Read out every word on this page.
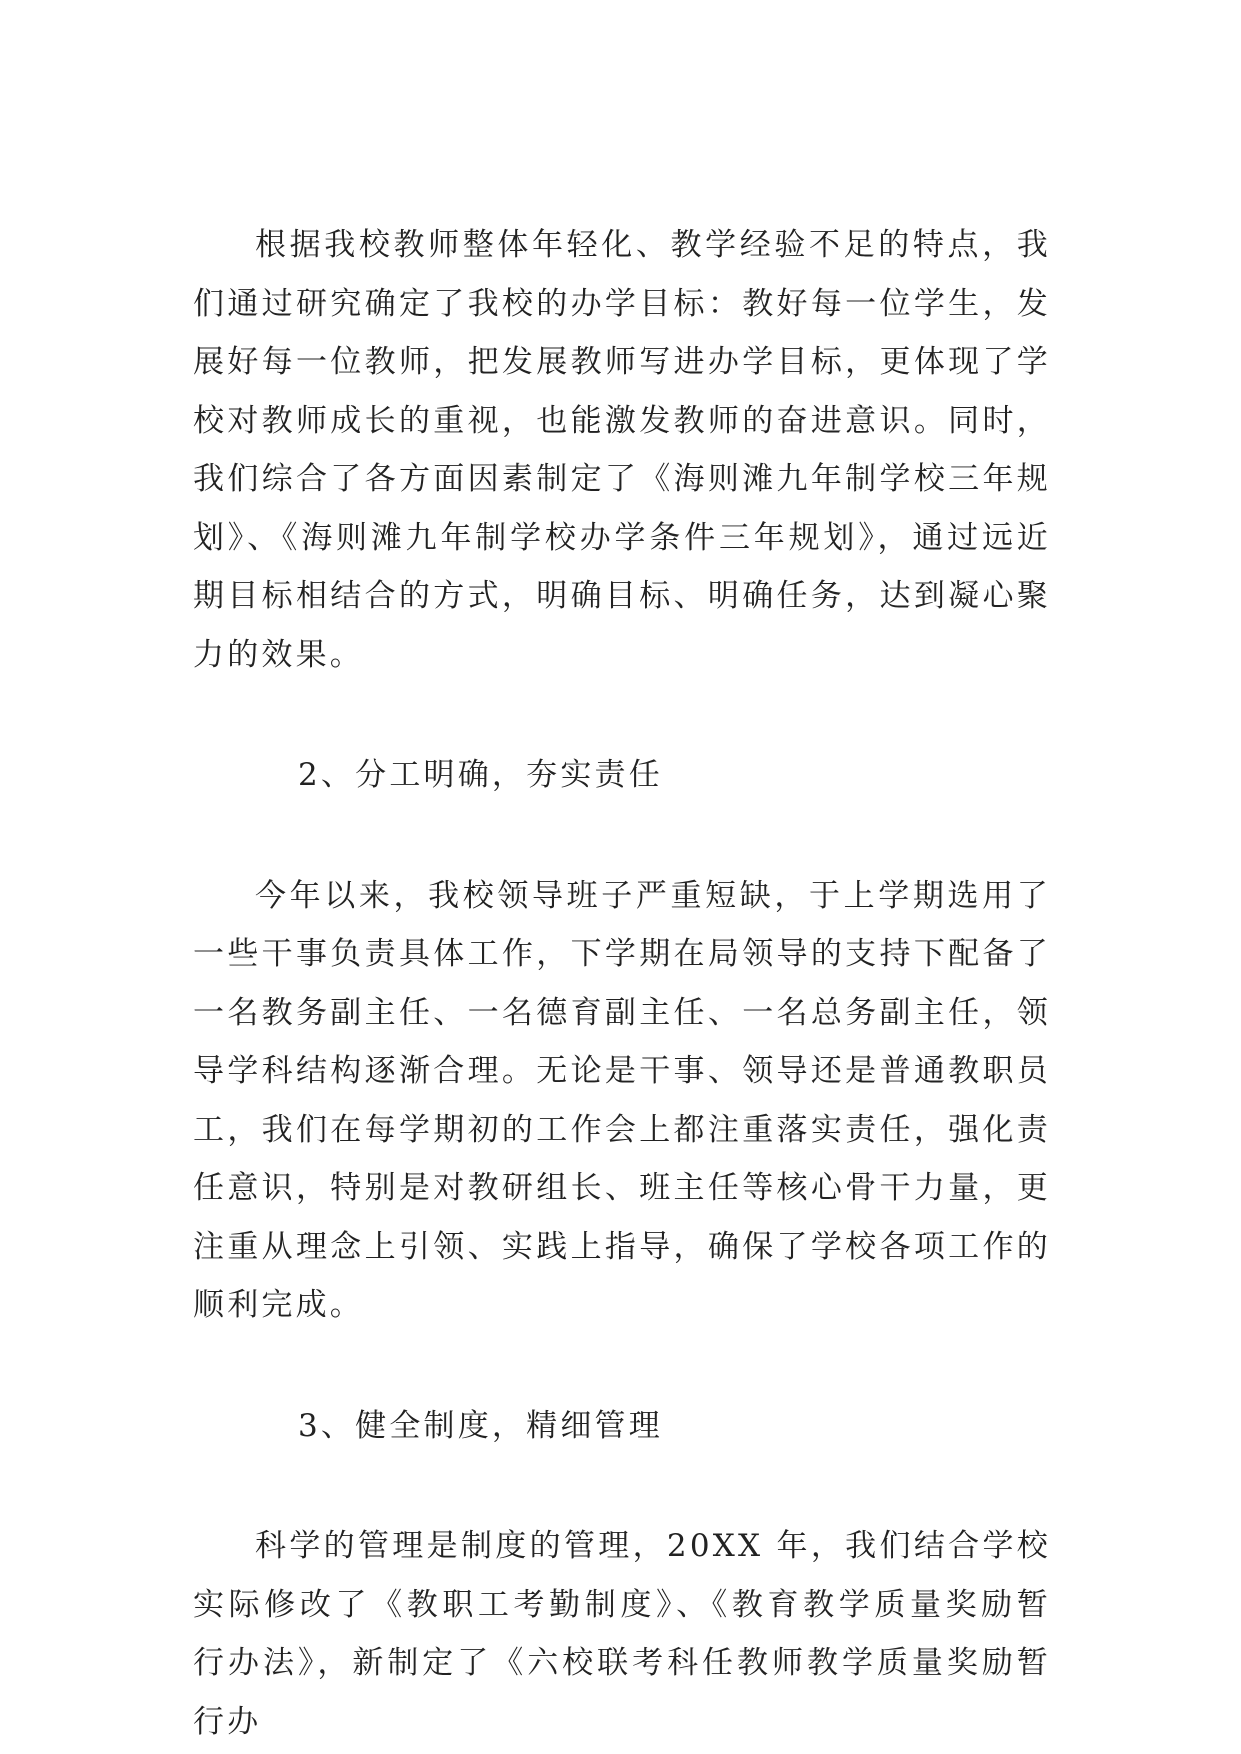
根据我校教师整体年轻化、教学经验不足的特点，我们通过研究确定了我校的办学目标：教好每一位学生，发展好每一位教师，把发展教师写进办学目标，更体现了学校对教师成长的重视，也能激发教师的奋进意识。同时，我们综合了各方面因素制定了《海则滩九年制学校三年规划》、《海则滩九年制学校办学条件三年规划》，通过远近期目标相结合的方式，明确目标、明确任务，达到凝心聚力的效果。

2、分工明确，夯实责任

今年以来，我校领导班子严重短缺，于上学期选用了一些干事负责具体工作，下学期在局领导的支持下配备了一名教务副主任、一名德育副主任、一名总务副主任，领导学科结构逐渐合理。无论是干事、领导还是普通教职员工，我们在每学期初的工作会上都注重落实责任，强化责任意识，特别是对教研组长、班主任等核心骨干力量，更注重从理念上引领、实践上指导，确保了学校各项工作的顺利完成。

3、健全制度，精细管理

科学的管理是制度的管理，20XX 年，我们结合学校实际修改了《教职工考勤制度》、《教育教学质量奖励暂行办法》，新制定了《六校联考科任教师教学质量奖励暂行办
